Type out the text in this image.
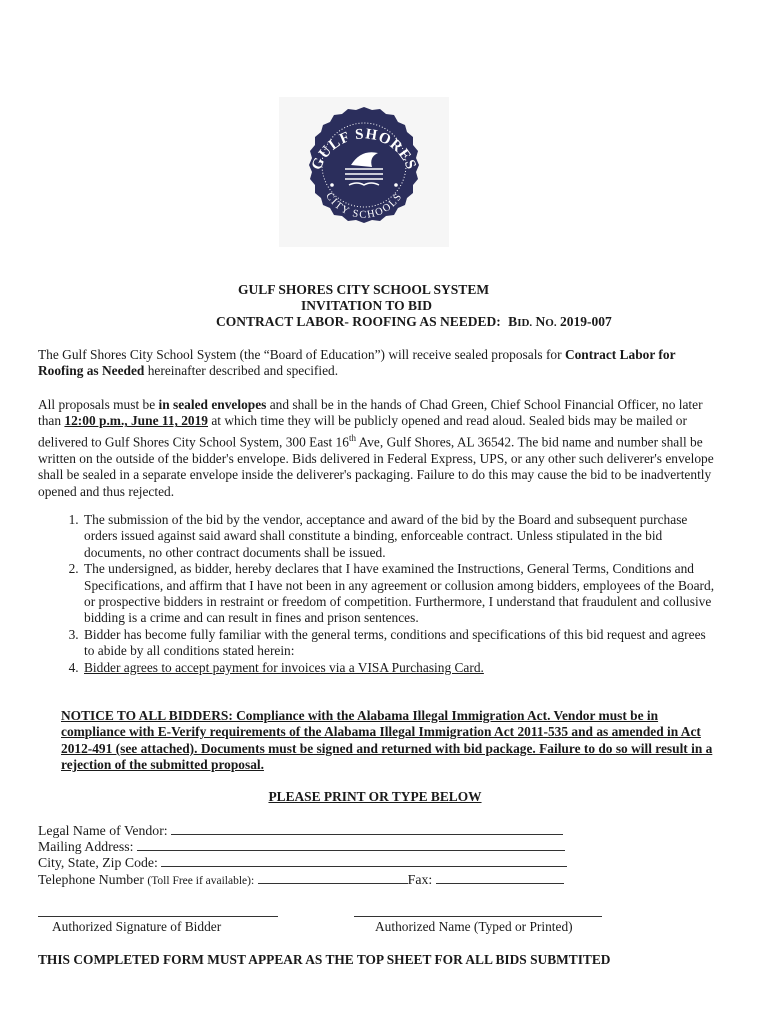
GULF SHORES
CITY SCHOOLS
GULF SHORES CITY SCHOOL SYSTEM
INVITATION TO BID
CONTRACT LABOR- ROOFING AS NEEDED: BID. NO. 2019-007
The Gulf Shores City School System (the “Board of Education”) will receive sealed proposals for Contract Labor for Roofing as Needed hereinafter described and specified.
All proposals must be in sealed envelopes and shall be in the hands of Chad Green, Chief School Financial Officer, no later than 12:00 p.m., June 11, 2019 at which time they will be publicly opened and read aloud. Sealed bids may be mailed or delivered to Gulf Shores City School System, 300 East 16th Ave, Gulf Shores, AL 36542. The bid name and number shall be written on the outside of the bidder's envelope. Bids delivered in Federal Express, UPS, or any other such deliverer's envelope shall be sealed in a separate envelope inside the deliverer's packaging. Failure to do this may cause the bid to be inadvertently opened and thus rejected.
1. The submission of the bid by the vendor, acceptance and award of the bid by the Board and subsequent purchase orders issued against said award shall constitute a binding, enforceable contract. Unless stipulated in the bid documents, no other contract documents shall be issued.
2. The undersigned, as bidder, hereby declares that I have examined the Instructions, General Terms, Conditions and Specifications, and affirm that I have not been in any agreement or collusion among bidders, employees of the Board, or prospective bidders in restraint or freedom of competition. Furthermore, I understand that fraudulent and collusive bidding is a crime and can result in fines and prison sentences.
3. Bidder has become fully familiar with the general terms, conditions and specifications of this bid request and agrees to abide by all conditions stated herein:
4. Bidder agrees to accept payment for invoices via a VISA Purchasing Card.
NOTICE TO ALL BIDDERS: Compliance with the Alabama Illegal Immigration Act. Vendor must be in compliance with E-Verify requirements of the Alabama Illegal Immigration Act 2011-535 and as amended in Act 2012-491 (see attached). Documents must be signed and returned with bid package. Failure to do so will result in a rejection of the submitted proposal.
PLEASE PRINT OR TYPE BELOW
Legal Name of Vendor:
Mailing Address:
City, State, Zip Code:
Telephone Number (Toll Free if available):	Fax:
Authorized Signature of Bidder	Authorized Name (Typed or Printed)
THIS COMPLETED FORM MUST APPEAR AS THE TOP SHEET FOR ALL BIDS SUBMTITED
